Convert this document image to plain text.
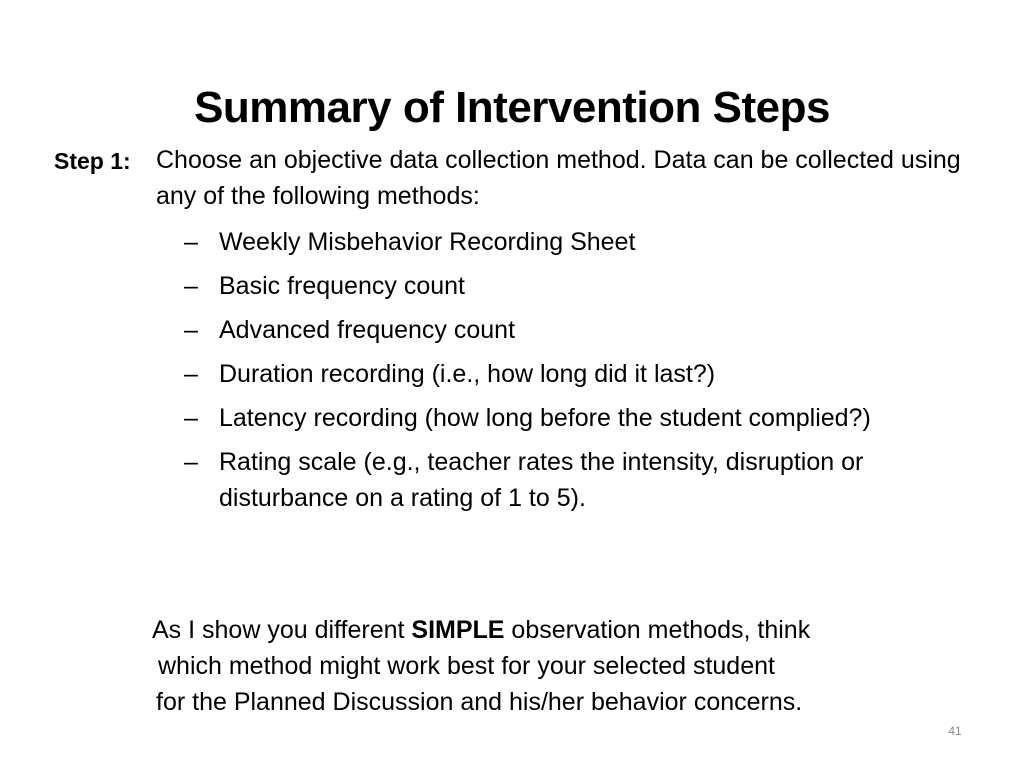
Summary of Intervention Steps
Step 1: Choose an objective data collection method. Data can be collected using any of the following methods:
– Weekly Misbehavior Recording Sheet
– Basic frequency count
– Advanced frequency count
– Duration recording (i.e., how long did it last?)
– Latency recording (how long before the student complied?)
– Rating scale (e.g., teacher rates the intensity, disruption or disturbance on a rating of 1 to 5).
As I show you different SIMPLE observation methods, think
which method might work best for your selected student
for the Planned Discussion and his/her behavior concerns.
41
